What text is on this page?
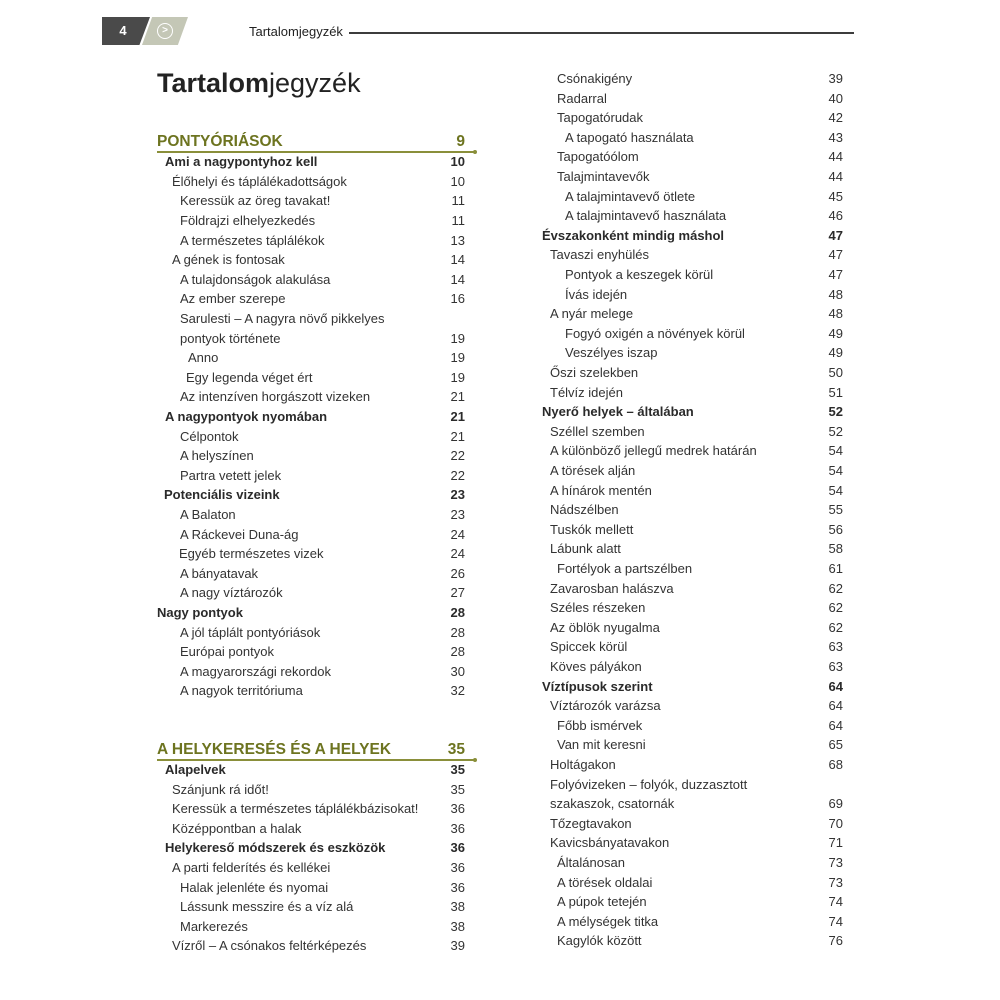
4	>	Tartalomjegyzék
Tartalomjegyzék
PONTYÓRIÁSOK	9
Ami a nagypontyhoz kell	10
Élőhelyi és táplálékadottságok	10
Keressük az öreg tavakat!	11
Földrajzi elhelyezkedés	11
A természetes táplálékok	13
A gének is fontosak	14
A tulajdonságok alakulása	14
Az ember szerepe	16
Sarulesti – A nagyra növő pikkelyes
pontyok története	19
Anno	19
Egy legenda véget ért	19
Az intenzíven horgászott vizeken	21
A nagypontyok nyomában	21
Célpontok	21
A helyszínen	22
Partra vetett jelek	22
Potenciális vizeink	23
A Balaton	23
A Ráckevei Duna-ág	24
Egyéb természetes vizek	24
A bányatavak	26
A nagy víztározók	27
Nagy pontyok	28
A jól táplált pontyóriások	28
Európai pontyok	28
A magyarországi rekordok	30
A nagyok territóriuma	32
A HELYKERESÉS ÉS A HELYEK	35
Alapelvek	35
Szánjunk rá időt!	35
Keressük a természetes táplálékbázisokat! 36
Középpontban a halak	36
Helykereső módszerek és eszközök	36
A parti felderítés és kellékei	36
Halak jelenléte és nyomai	36
Lássunk messzire és a víz alá	38
Markerezés	38
Vízről – A csónakos feltérképezés	39
Csónakigény	39
Radarral	40
Tapogatórudak	42
A tapogató használata	43
Tapogatóólom	44
Talajmintavevők	44
A talajmintavevő ötlete	45
A talajmintavevő használata	46
Évszakonként mindig máshol	47
Tavaszi enyhülés	47
Pontyok a keszegek körül	47
Ívás idején	48
A nyár melege	48
Fogyó oxigén a növények körül	49
Veszélyes iszap	49
Őszi szelekben	50
Télvíz idején	51
Nyerő helyek – általában	52
Széllel szemben	52
A különböző jellegű medrek határán	54
A törések alján	54
A hínárok mentén	54
Nádszélben	55
Tuskók mellett	56
Lábunk alatt	58
Fortélyok a partszélben	61
Zavarosban halászva	62
Széles részeken	62
Az öblök nyugalma	62
Spiccek körül	63
Köves pályákon	63
Víztípusok szerint	64
Víztározók varázsa	64
Főbb ismérvek	64
Van mit keresni	65
Holtágakon	68
Folyóvizeken – folyók, duzzasztott
szakaszok, csatornák	69
Tőzegtavakon	70
Kavicsbányatavakon	71
Általánosan	73
A törések oldalai	73
A púpok tetején	74
A mélységek titka	74
Kagylók között	76
